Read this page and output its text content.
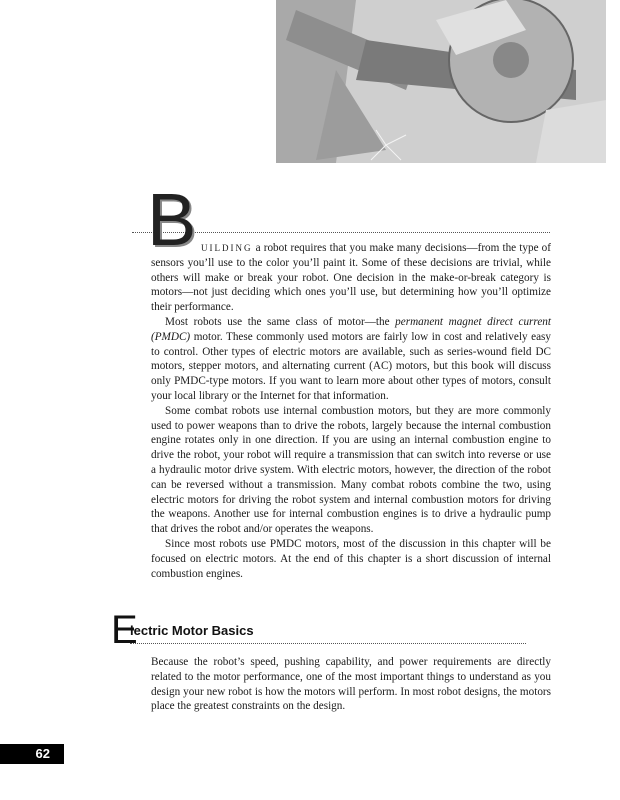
B UILDING a robot requires that you make many decisions—from the type of sensors you’ll use to the color you’ll paint it. Some of these decisions are trivial, while others will make or break your robot. One decision in the make-or-break category is motors—not just deciding which ones you’ll use, but determining how you’ll optimize their performance.

Most robots use the same class of motor—the permanent magnet direct current (PMDC) motor. These commonly used motors are fairly low in cost and relatively easy to control. Other types of electric motors are available, such as series-wound field DC motors, stepper motors, and alternating current (AC) motors, but this book will discuss only PMDC-type motors. If you want to learn more about other types of motors, consult your local library or the Internet for that information.

Some combat robots use internal combustion motors, but they are more commonly used to power weapons than to drive the robots, largely because the internal combustion engine rotates only in one direction. If you are using an internal combustion engine to drive the robot, your robot will require a transmission that can switch into reverse or use a hydraulic motor drive system. With electric motors, however, the direction of the robot can be reversed without a transmission. Many combat robots combine the two, using electric motors for driving the robot system and internal combustion motors for driving the weapons. Another use for internal combustion engines is to drive a hydraulic pump that drives the robot and/or operates the weapons.

Since most robots use PMDC motors, most of the discussion in this chapter will be focused on electric motors. At the end of this chapter is a short discussion of internal combustion engines.

E
lectric Motor Basics

Because the robot’s speed, pushing capability, and power requirements are directly related to the motor performance, one of the most important things to understand as you design your new robot is how the motors will perform. In most robot designs, the motors place the greatest constraints on the design.

62
